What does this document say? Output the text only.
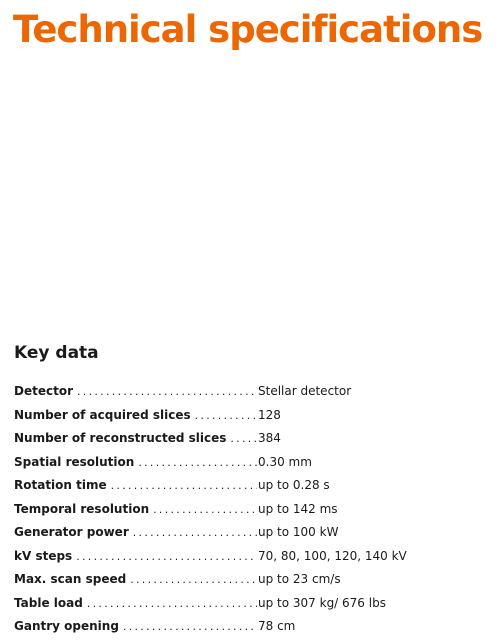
Technical specifications
Key data
Detector .....	Stellar detector
Number of acquired slices .....	128
Number of reconstructed slices .....	384
Spatial resolution .....	0.30 mm
Rotation time .....	up to 0.28 s
Temporal resolution .....	up to 142 ms
Generator power .....	up to 100 kW
kV steps .....	70, 80, 100, 120, 140 kV
Max. scan speed .....	up to 23 cm/s
Table load .....	up to 307 kg/ 676 lbs
Gantry opening .....	78 cm
